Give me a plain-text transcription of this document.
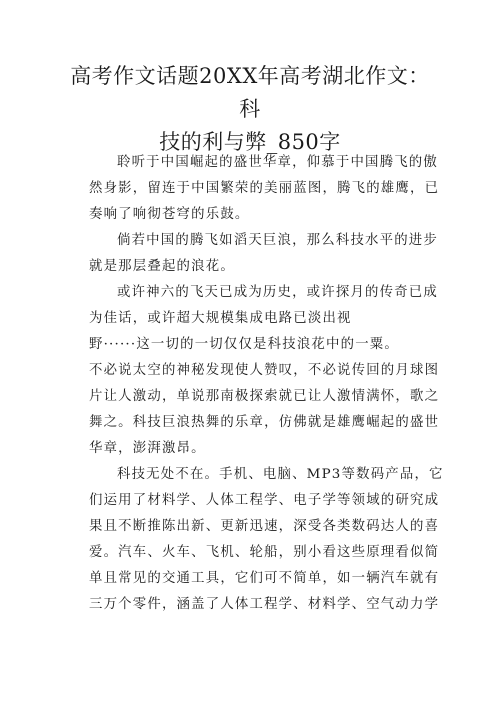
高考作文话题20XX年高考湖北作文：科
技的利与弊_850字
聆听于中国崛起的盛世华章，仰慕于中国腾飞的傲
然身影，留连于中国繁荣的美丽蓝图，腾飞的雄鹰，已
奏响了响彻苍穹的乐鼓。
倘若中国的腾飞如滔天巨浪，那么科技水平的进步
就是那层叠起的浪花。
或许神六的飞天已成为历史，或许探月的传奇已成
为佳话，或许超大规模集成电路已淡出视
野······这一切的一切仅仅是科技浪花中的一粟。
不必说太空的神秘发现使人赞叹，不必说传回的月球图
片让人激动，单说那南极探索就已让人激情满怀，歌之
舞之。科技巨浪热舞的乐章，仿佛就是雄鹰崛起的盛世
华章，澎湃激昂。
科技无处不在。手机、电脑、MP3等数码产品，它
们运用了材料学、人体工程学、电子学等领域的研究成
果且不断推陈出新、更新迅速，深受各类数码达人的喜
爱。汽车、火车、飞机、轮船，别小看这些原理看似简
单且常见的交通工具，它们可不简单，如一辆汽车就有
三万个零件，涵盖了人体工程学、材料学、空气动力学
